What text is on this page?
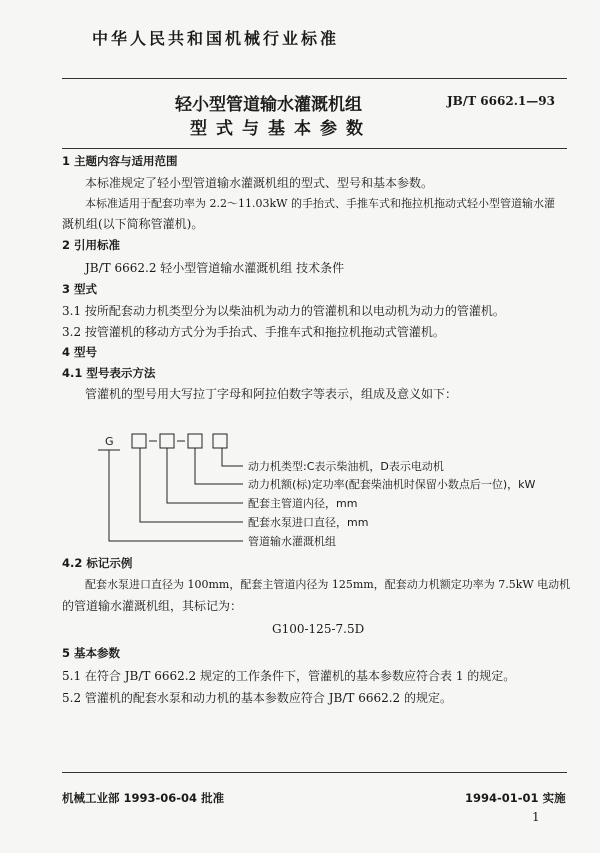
中华人民共和国机械行业标准
轻小型管道输水灌溉机组
型式与基本参数
JB/T 6662.1—93
1 主题内容与适用范围
本标准规定了轻小型管道输水灌溉机组的型式、型号和基本参数。
本标准适用于配套功率为 2.2～11.03kW 的手抬式、手推车式和拖拉机拖动式轻小型管道输水灌
溉机组(以下简称管灌机)。
2 引用标准
JB/T 6662.2 轻小型管道输水灌溉机组 技术条件
3 型式
3.1 按所配套动力机类型分为以柴油机为动力的管灌机和以电动机为动力的管灌机。
3.2 按管灌机的移动方式分为手抬式、手推车式和拖拉机拖动式管灌机。
4 型号
4.1 型号表示方法
管灌机的型号用大写拉丁字母和阿拉伯数字等表示，组成及意义如下：
G
动力机类型:C表示柴油机，D表示电动机
动力机额(标)定功率(配套柴油机时保留小数点后一位)，kW
配套主管道内径，mm
配套水泵进口直径，mm
管道输水灌溉机组
4.2 标记示例
配套水泵进口直径为 100mm，配套主管道内径为 125mm，配套动力机额定功率为 7.5kW 电动机
的管道输水灌溉机组，其标记为：
G100-125-7.5D
5 基本参数
5.1 在符合 JB/T 6662.2 规定的工作条件下，管灌机的基本参数应符合表 1 的规定。
5.2 管灌机的配套水泵和动力机的基本参数应符合 JB/T 6662.2 的规定。
机械工业部 1993-06-04 批准	1994-01-01 实施
1
